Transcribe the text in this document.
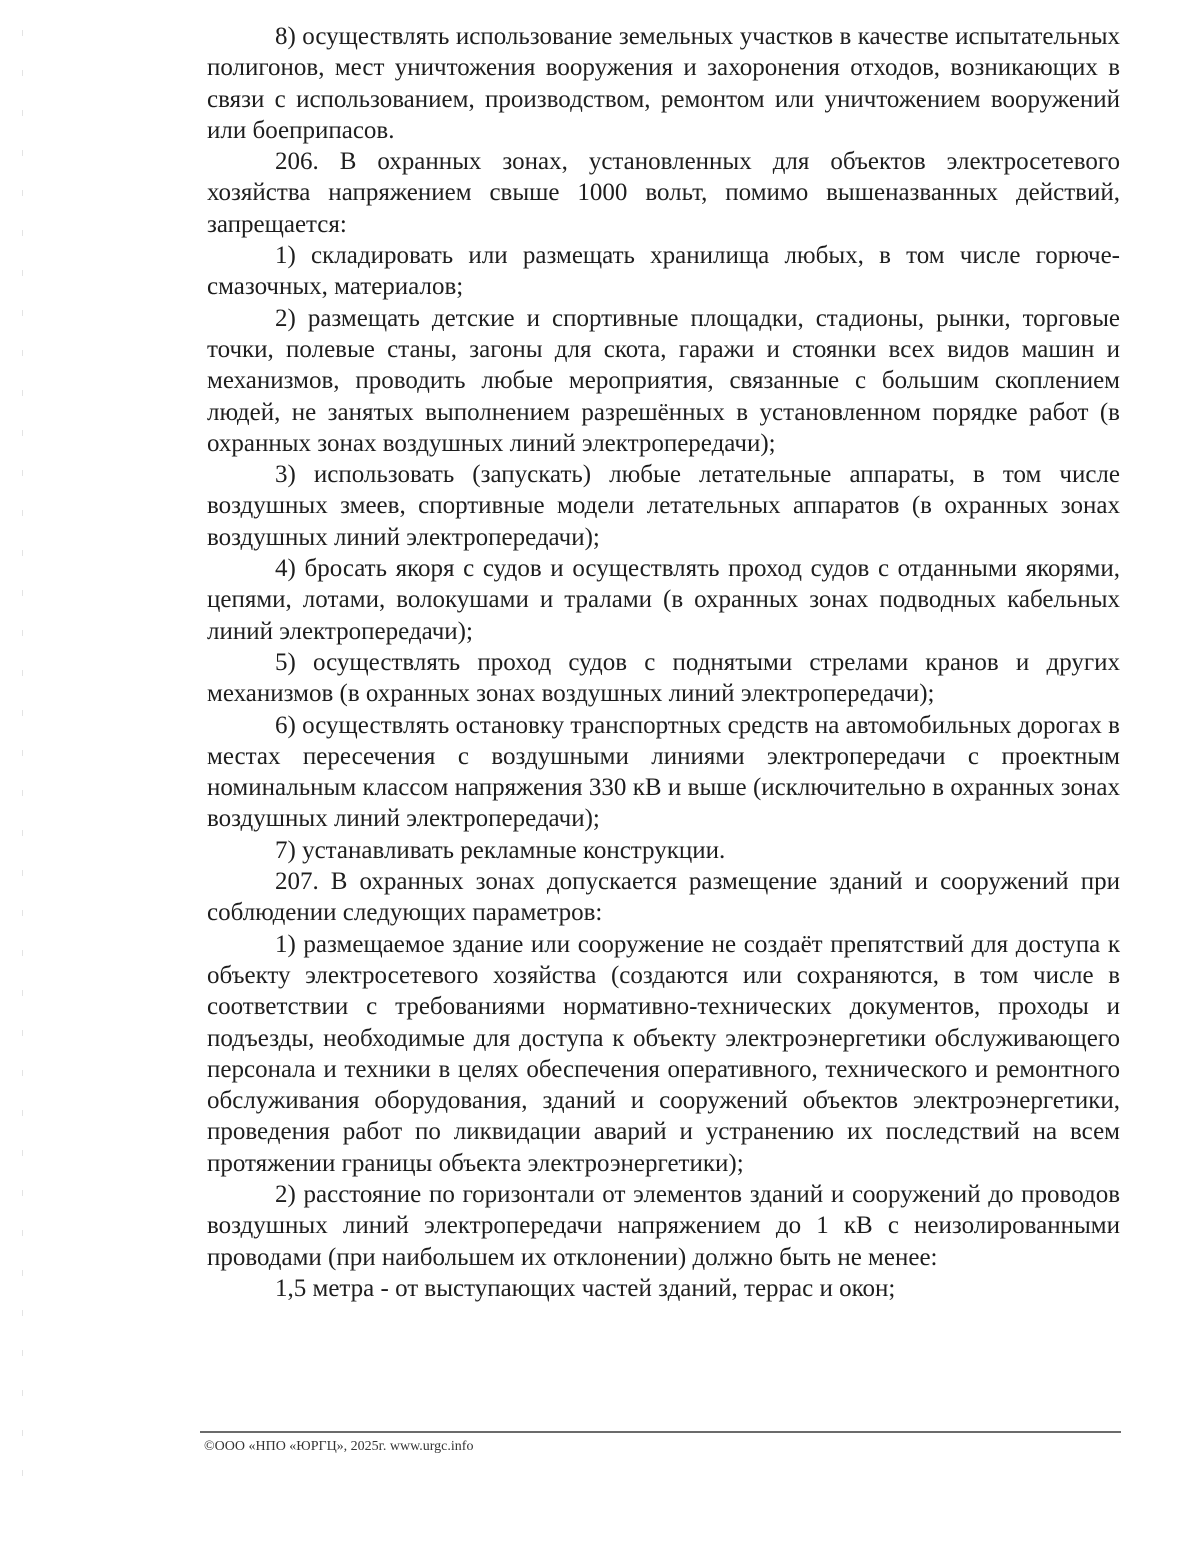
8) осуществлять использование земельных участков в качестве испытательных полигонов, мест уничтожения вооружения и захоронения отходов, возникающих в связи с использованием, производством, ремонтом или уничтожением вооружений или боеприпасов.

206. В охранных зонах, установленных для объектов электросетевого хозяйства напряжением свыше 1000 вольт, помимо вышеназванных действий, запрещается:

1) складировать или размещать хранилища любых, в том числе горюче-смазочных, материалов;

2) размещать детские и спортивные площадки, стадионы, рынки, торговые точки, полевые станы, загоны для скота, гаражи и стоянки всех видов машин и механизмов, проводить любые мероприятия, связанные с большим скоплением людей, не занятых выполнением разрешённых в установленном порядке работ (в охранных зонах воздушных линий электропередачи);

3) использовать (запускать) любые летательные аппараты, в том числе воздушных змеев, спортивные модели летательных аппаратов (в охранных зонах воздушных линий электропередачи);

4) бросать якоря с судов и осуществлять проход судов с отданными якорями, цепями, лотами, волокушами и тралами (в охранных зонах подводных кабельных линий электропередачи);

5) осуществлять проход судов с поднятыми стрелами кранов и других механизмов (в охранных зонах воздушных линий электропередачи);

6) осуществлять остановку транспортных средств на автомобильных дорогах в местах пересечения с воздушными линиями электропередачи с проектным номинальным классом напряжения 330 кВ и выше (исключительно в охранных зонах воздушных линий электропередачи);

7) устанавливать рекламные конструкции.

207. В охранных зонах допускается размещение зданий и сооружений при соблюдении следующих параметров:

1) размещаемое здание или сооружение не создаёт препятствий для доступа к объекту электросетевого хозяйства (создаются или сохраняются, в том числе в соответствии с требованиями нормативно-технических документов, проходы и подъезды, необходимые для доступа к объекту электроэнергетики обслуживающего персонала и техники в целях обеспечения оперативного, технического и ремонтного обслуживания оборудования, зданий и сооружений объектов электроэнергетики, проведения работ по ликвидации аварий и устранению их последствий на всем протяжении границы объекта электроэнергетики);

2) расстояние по горизонтали от элементов зданий и сооружений до проводов воздушных линий электропередачи напряжением до 1 кВ с неизолированными проводами (при наибольшем их отклонении) должно быть не менее:

1,5 метра - от выступающих частей зданий, террас и окон;

©ООО «НПО «ЮРГЦ», 2025г. www.urgc.info
